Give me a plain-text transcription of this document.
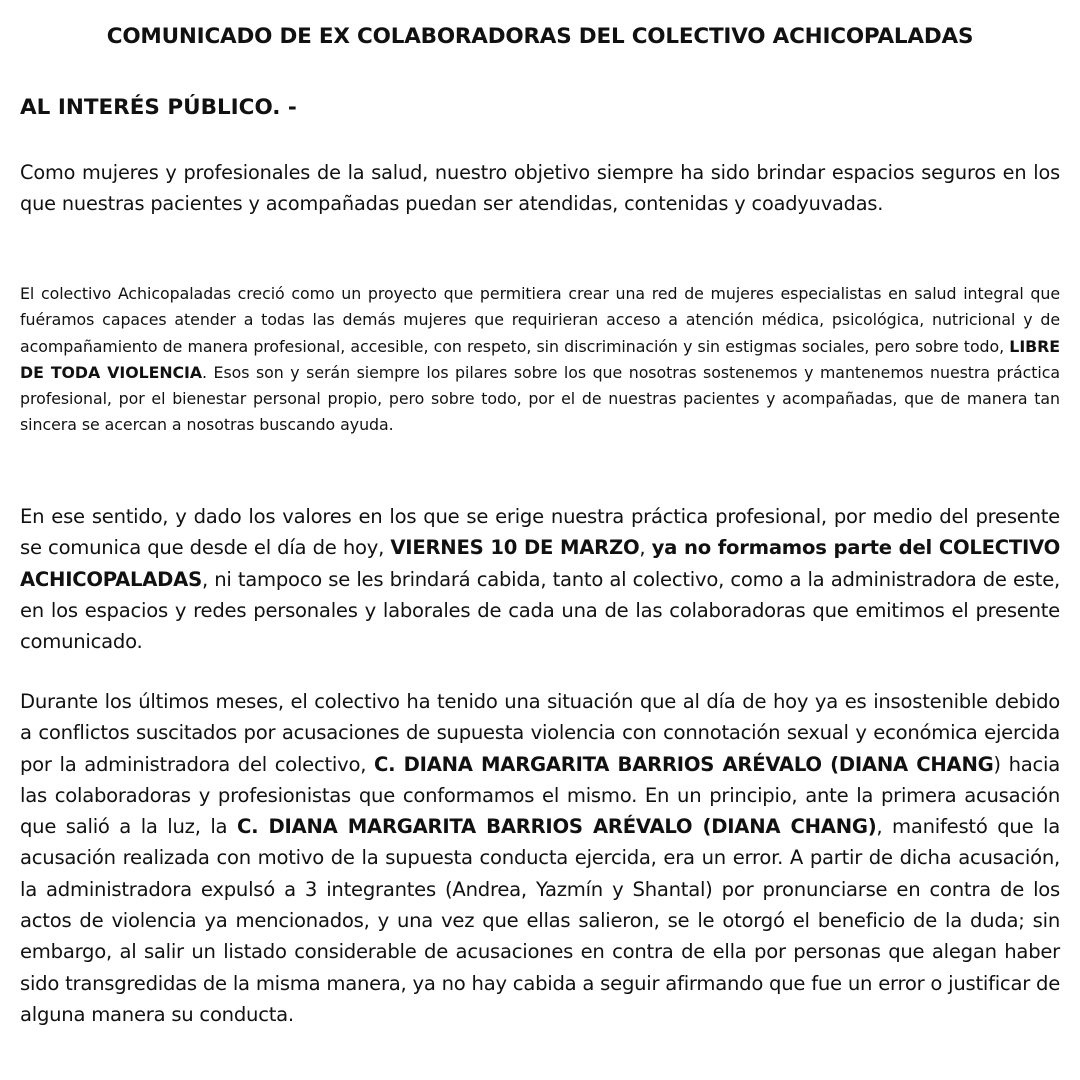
COMUNICADO DE EX COLABORADORAS DEL COLECTIVO ACHICOPALADAS
AL INTERÉS PÚBLICO. -

Como mujeres y profesionales de la salud, nuestro objetivo siempre ha sido brindar espacios seguros en los que nuestras pacientes y acompañadas puedan ser atendidas, contenidas y coadyuvadas.

El colectivo Achicopaladas creció como un proyecto que permitiera crear una red de mujeres especialistas en salud integral que fuéramos capaces atender a todas las demás mujeres que requirieran acceso a atención médica, psicológica, nutricional y de acompañamiento de manera profesional, accesible, con respeto, sin discriminación y sin estigmas sociales, pero sobre todo, LIBRE DE TODA VIOLENCIA. Esos son y serán siempre los pilares sobre los que nosotras sostenemos y mantenemos nuestra práctica profesional, por el bienestar personal propio, pero sobre todo, por el de nuestras pacientes y acompañadas, que de manera tan sincera se acercan a nosotras buscando ayuda.

En ese sentido, y dado los valores en los que se erige nuestra práctica profesional, por medio del presente se comunica que desde el día de hoy, VIERNES 10 DE MARZO, ya no formamos parte del COLECTIVO ACHICOPALADAS, ni tampoco se les brindará cabida, tanto al colectivo, como a la administradora de este, en los espacios y redes personales y laborales de cada una de las colaboradoras que emitimos el presente comunicado.

Durante los últimos meses, el colectivo ha tenido una situación que al día de hoy ya es insostenible debido a conflictos suscitados por acusaciones de supuesta violencia con connotación sexual y económica ejercida por la administradora del colectivo, C. DIANA MARGARITA BARRIOS ARÉVALO (DIANA CHANG) hacia las colaboradoras y profesionistas que conformamos el mismo. En un principio, ante la primera acusación que salió a la luz, la C. DIANA MARGARITA BARRIOS ARÉVALO (DIANA CHANG), manifestó que la acusación realizada con motivo de la supuesta conducta ejercida, era un error. A partir de dicha acusación, la administradora expulsó a 3 integrantes (Andrea, Yazmín y Shantal) por pronunciarse en contra de los actos de violencia ya mencionados, y una vez que ellas salieron, se le otorgó el beneficio de la duda; sin embargo, al salir un listado considerable de acusaciones en contra de ella por personas que alegan haber sido transgredidas de la misma manera, ya no hay cabida a seguir afirmando que fue un error o justificar de alguna manera su conducta.
